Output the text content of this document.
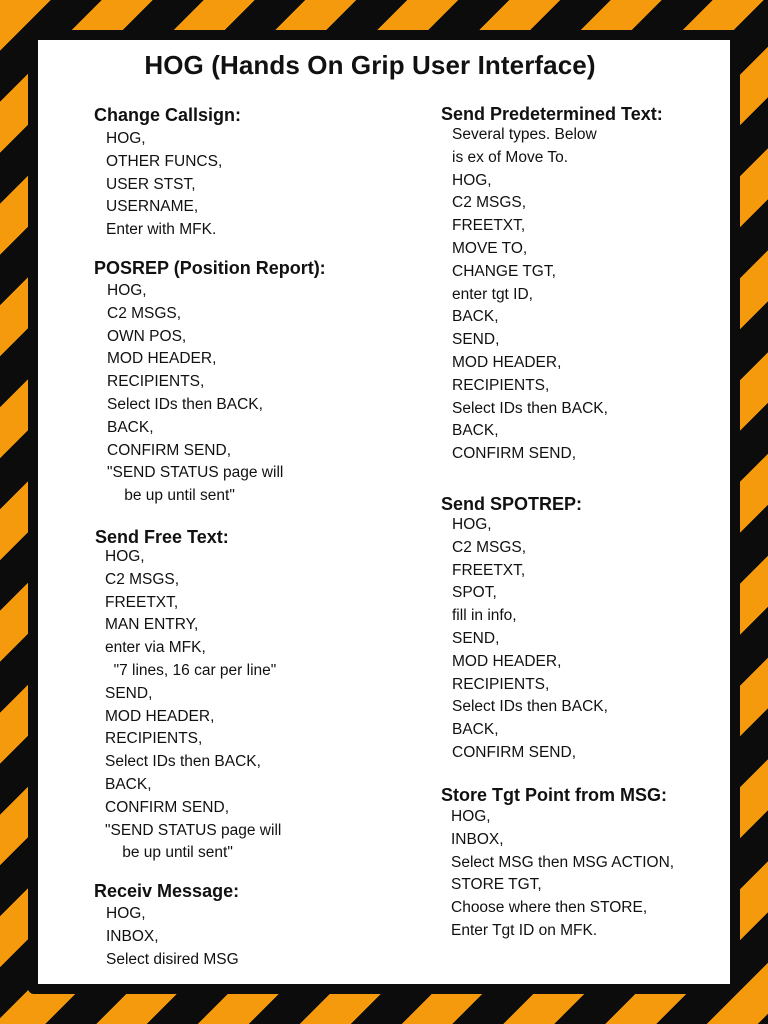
HOG (Hands On Grip User Interface)
Change Callsign:
HOG,
OTHER FUNCS,
USER STST,
USERNAME,
Enter with MFK.
POSREP (Position Report):
HOG,
C2 MSGS,
OWN POS,
MOD HEADER,
RECIPIENTS,
Select IDs then BACK,
BACK,
CONFIRM SEND,
"SEND STATUS page will
be up until sent"
Send Free Text:
HOG,
C2 MSGS,
FREETXT,
MAN ENTRY,
enter via MFK,
"7 lines, 16 car per line"
SEND,
MOD HEADER,
RECIPIENTS,
Select IDs then BACK,
BACK,
CONFIRM SEND,
"SEND STATUS page will
be up until sent"
Receiv Message:
HOG,
INBOX,
Select disired MSG
Send Predetermined Text:
Several types. Below
is ex of Move To.
HOG,
C2 MSGS,
FREETXT,
MOVE TO,
CHANGE TGT,
enter tgt ID,
BACK,
SEND,
MOD HEADER,
RECIPIENTS,
Select IDs then BACK,
BACK,
CONFIRM SEND,
Send SPOTREP:
HOG,
C2 MSGS,
FREETXT,
SPOT,
fill in info,
SEND,
MOD HEADER,
RECIPIENTS,
Select IDs then BACK,
BACK,
CONFIRM SEND,
Store Tgt Point from MSG:
HOG,
INBOX,
Select MSG then MSG ACTION,
STORE TGT,
Choose where then STORE,
Enter Tgt ID on MFK.
